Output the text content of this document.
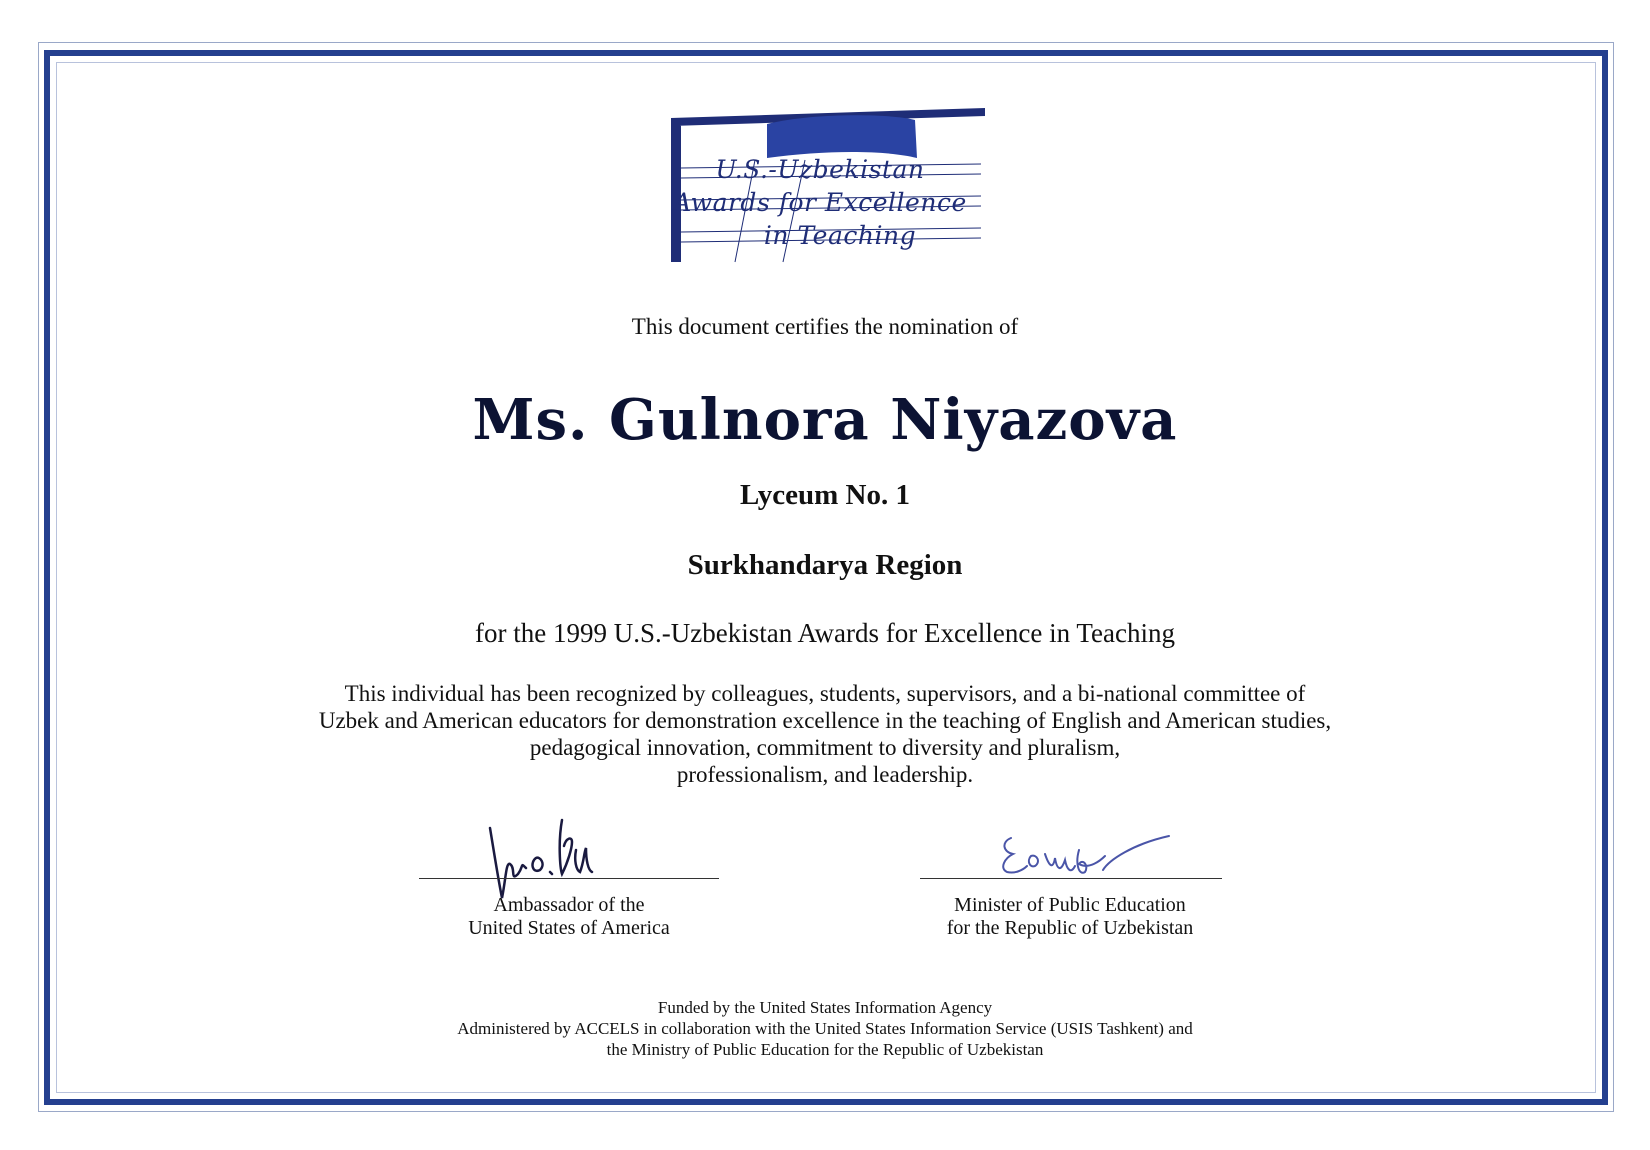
U.S.-Uzbekistan
Awards for Excellence
in Teaching
This document certifies the nomination of
Ms. Gulnora Niyazova
Lyceum No. 1
Surkhandarya Region
for the 1999 U.S.-Uzbekistan Awards for Excellence in Teaching
This individual has been recognized by colleagues, students, supervisors, and a bi-national committee of
Uzbek and American educators for demonstration excellence in the teaching of English and American studies,
pedagogical innovation, commitment to diversity and pluralism,
professionalism, and leadership.
Ambassador of the
United States of America
Minister of Public Education
for the Republic of Uzbekistan
Funded by the United States Information Agency
Administered by ACCELS in collaboration with the United States Information Service (USIS Tashkent) and
the Ministry of Public Education for the Republic of Uzbekistan
